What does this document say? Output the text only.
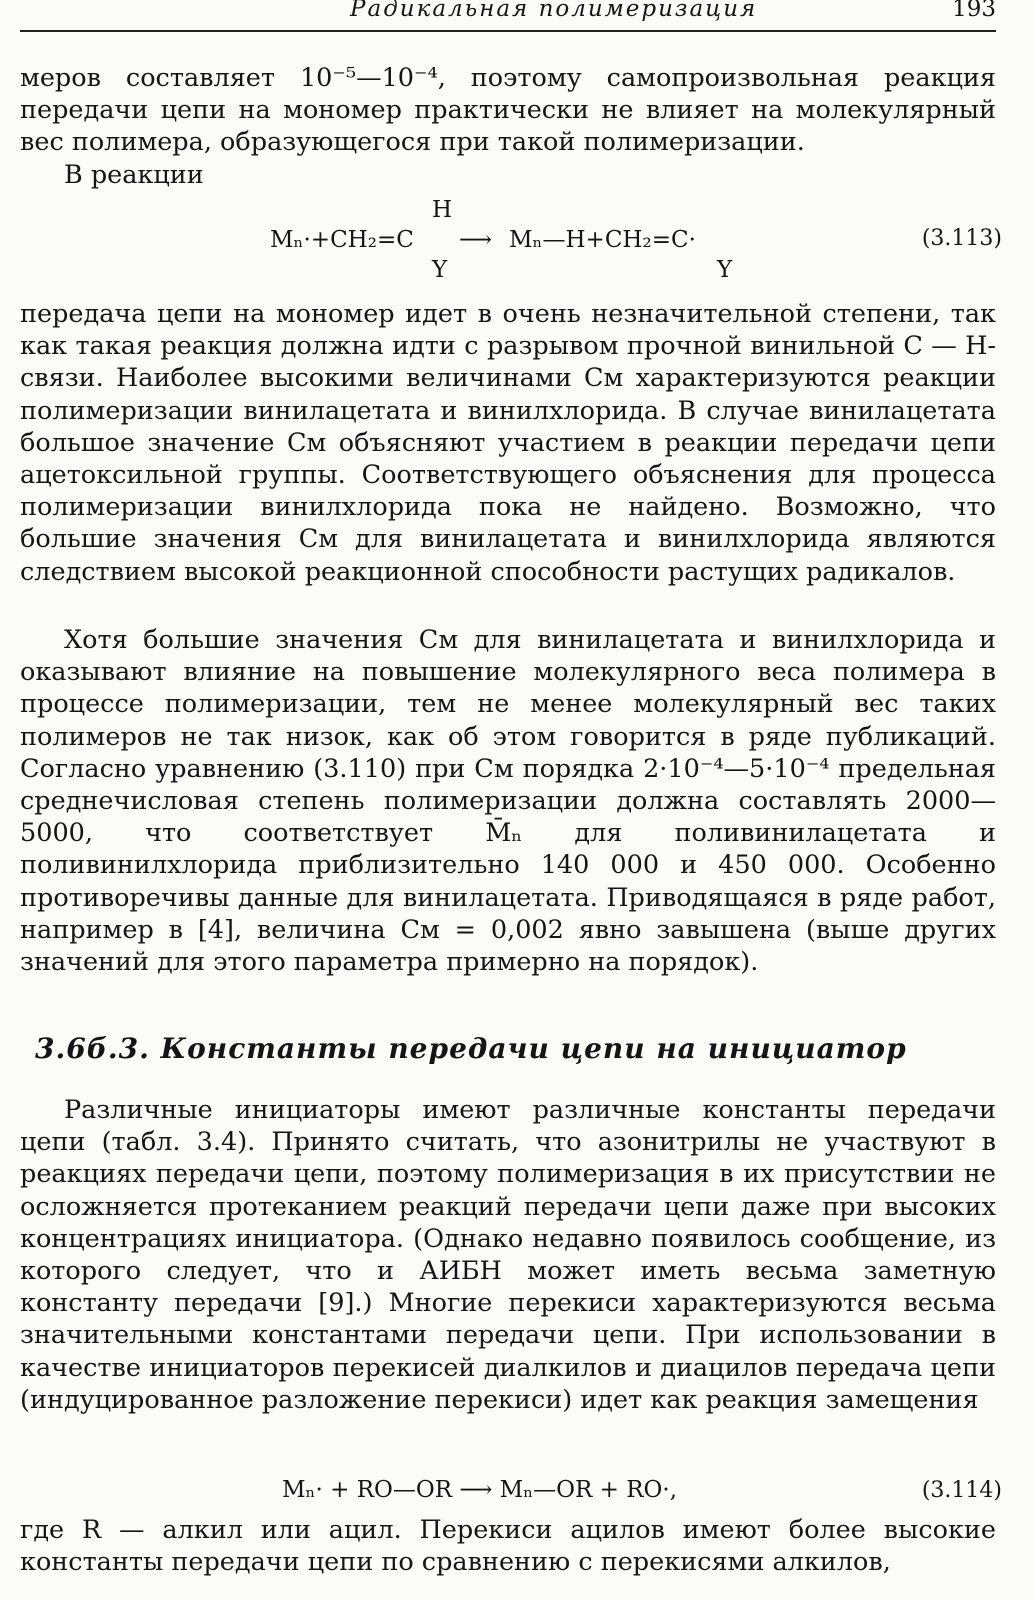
Радикальная полимеризация	193

меров составляет 10⁻⁵—10⁻⁴, поэтому самопроизвольная реакция передачи цепи на мономер практически не влияет на молекулярный вес полимера, образующегося при такой полимеризации.

В реакции

H
Mₙ·+CH₂=C ⟶ Mₙ—H+CH₂=C·
Y	Y
(3.113)

передача цепи на мономер идет в очень незначительной степени, так как такая реакция должна идти с разрывом прочной винильной С — Н-связи. Наиболее высокими величинами Cм характеризуются реакции полимеризации винилацетата и винилхлорида. В случае винилацетата большое значение Cм объясняют участием в реакции передачи цепи ацетоксильной группы. Соответствующего объяснения для процесса полимеризации винилхлорида пока не найдено. Возможно, что большие значения Cм для винилацетата и винилхлорида являются следствием высокой реакционной способности растущих радикалов.

Хотя большие значения Cм для винилацетата и винилхлорида и оказывают влияние на повышение молекулярного веса полимера в процессе полимеризации, тем не менее молекулярный вес таких полимеров не так низок, как об этом говорится в ряде публикаций. Согласно уравнению (3.110) при Cм порядка 2·10⁻⁴—5·10⁻⁴ предельная среднечисловая степень полимеризации должна составлять 2000—5000, что соответствует M̄ₙ для поливинилацетата и поливинилхлорида приблизительно 140 000 и 450 000. Особенно противоречивы данные для винилацетата. Приводящаяся в ряде работ, например в [4], величина Cм = 0,002 явно завышена (выше других значений для этого параметра примерно на порядок).

3.6б.3. Константы передачи цепи на инициатор

Различные инициаторы имеют различные константы передачи цепи (табл. 3.4). Принято считать, что азонитрилы не участвуют в реакциях передачи цепи, поэтому полимеризация в их присутствии не осложняется протеканием реакций передачи цепи даже при высоких концентрациях инициатора. (Однако недавно появилось сообщение, из которого следует, что и АИБН может иметь весьма заметную константу передачи [9].) Многие перекиси характеризуются весьма значительными константами передачи цепи. При использовании в качестве инициаторов перекисей диалкилов и диацилов передача цепи (индуцированное разложение перекиси) идет как реакция замещения

Mₙ· + RO—OR ⟶ Mₙ—OR + RO·,	(3.114)

где R — алкил или ацил. Перекиси ацилов имеют более высокие константы передачи цепи по сравнению с перекисями алкилов,
